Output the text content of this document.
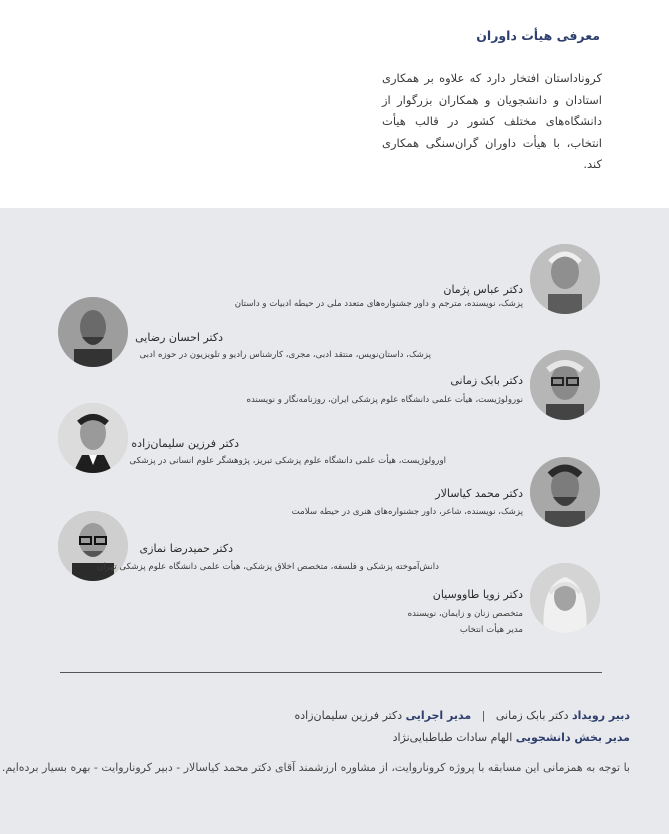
معرفی هیأت داوران

کروناداستان افتخار دارد که علاوه بر همکاری استادان و دانشجویان و همکاران بزرگوار از دانشگاه‌های مختلف کشور در قالب هیأت انتخاب، با هیأت داوران گران‌سنگی همکاری کند.

دکتر عباس پژمان
پزشک، نویسنده، مترجم و داور جشنواره‌های متعدد ملی در حیطه ادبیات و داستان
دکتر احسان رضایی
پزشک، داستان‌نویس، منتقد ادبی، مجری، کارشناس رادیو و تلویزیون در حوزه ادبی
دکتر بابک زمانی
نورولوژیست، هیأت علمی دانشگاه علوم پزشکی ایران، روزنامه‌نگار و نویسنده
دکتر فرزین سلیمان‌زاده
اورولوژیست، هیأت علمی دانشگاه علوم پزشکی تبریز، پژوهشگر علوم انسانی در پزشکی
دکتر محمد کیاسالار
پزشک، نویسنده، شاعر، داور جشنواره‌های هنری در حیطه سلامت
دکتر حمیدرضا نمازی
دانش‌آموخته پزشکی و فلسفه، متخصص اخلاق پزشکی، هیأت علمی دانشگاه علوم پزشکی تهران
دکتر زویا طاووسیان
متخصص زنان و زایمان، نویسنده
مدیر هیأت انتخاب
دبیر رویداد دکتر بابک زمانی | مدیر اجرایی دکتر فرزین سلیمان‌زاده
مدیر بخش دانشجویی الهام سادات طباطبایی‌نژاد
با توجه به همزمانی این مسابقه با پروژه کروناروایت، از مشاوره ارزشمند آقای دکتر محمد کیاسالار - دبیر کروناروایت - بهره بسیار برده‌ایم.
